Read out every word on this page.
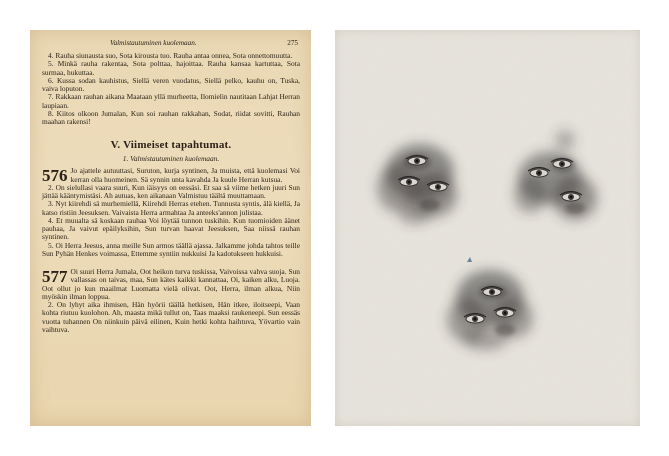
Valmistautuminen kuolemaan.	275

4. Rauha siunausta suo, Sota kirousta tuo. Rauha antaa onnea, Sota onnettomuutta.

5. Minkä rauha rakentaa, Sota polttaa, hajoittaa. Rauha kansaa kartuttaa, Sota surmaa, hukuttaa.

6. Kussa sodan kauhistus, Siellä veren vuodatus, Siellä pelko, kauhu on, Tuska, vaiva loputon.

7. Rakkaan rauhan aikana Maataan yllä murheetta, Ilomielin nautitaan Lahjat Herran laupiaan.

8. Kiitos olkoon Jumalan, Kun soi rauhan rakkahan, Sodat, riidat sovitti, Rauhan maahan rakensi!

V. Viimeiset tapahtumat.
1. Valmistautuminen kuolemaan.

576 Jo ajattele autuuttasi, Suruton, kurja syntinen, Ja muista, että kuolemasi Voi kerran olla huomeinen. Sä synnin unta kavahda Ja kuule Herran kutsua.

2. On sielullasi vaara suuri, Kun iäisyys on eessäsi. Et saa sä viime hetken juuri Sun jättää kääntymistäsi. Ah autuas, ken aikanaan Valmistuu täältä muuttamaan.

3. Nyt kiirehdi sä murhemiellä, Kiirehdi Herras etehen. Tunnusta syntis, älä kiellä, Ja katso ristiin Jeesuksen. Vaivaista Herra armahtaa Ja anteeks'annon julistaa.

4. Et muualta sä koskaan rauhaa Voi löytää tunnon tuskihin. Kun tuomioiden äänet pauhaa, Ja vaivut epäilyksihin, Sun turvan haavat Jeesuksen, Saa niissä rauhan syntinen.

5. Oi Herra Jeesus, anna meille Sun armos täällä ajassa. Jalkamme johda tahtos teille Sun Pyhän Henkes voimassa, Ettemme syntiin nukkuisi Ja kadotukseen hukkuisi.

577 Oi suuri Herra Jumala, Oot heikon turva tuskissa, Vaivoissa vahva suoja. Sun vallassas on taivas, maa, Sun kätes kaikki kannattaa, Oi, kaiken alku, Luoja. Oot ollut jo kun maailmat Luomatta vielä olivat. Oot, Herra, ilman alkua, Niin myöskin ilman loppua.

2. On lyhyt aika ihmisen, Hän hyörii täällä hetkisen, Hän itkee, iloitseepi, Vaan kohta riutuu kuolohon. Ah, maasta mikä tullut on, Taas maaksi raukeneepi. Sun eessäs vuotta tuhannen On niinkuin päivä eilinen, Kuin hetki kohta haihtuva, Yövartio vain vaihtuva.
